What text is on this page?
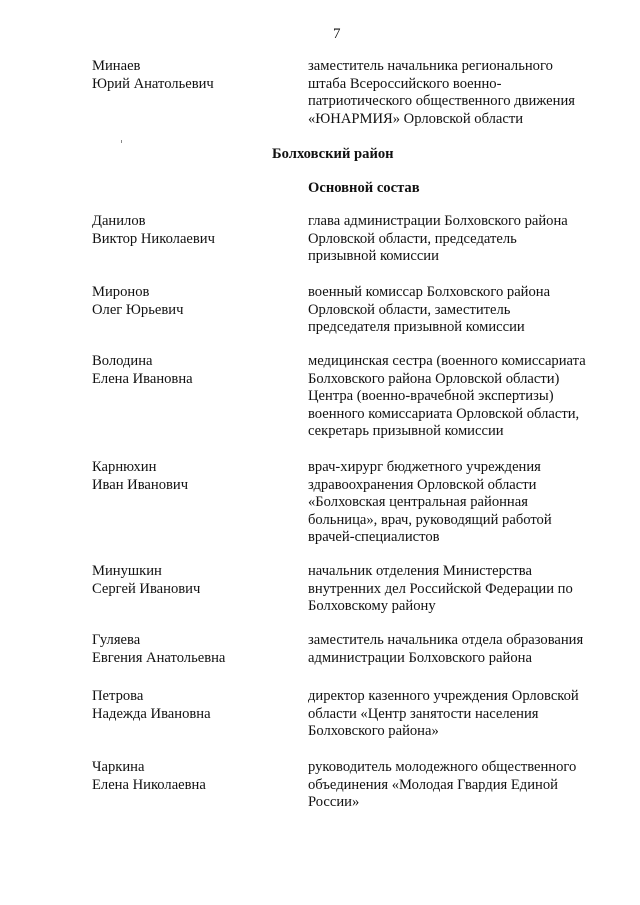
7
Минаев
Юрий Анатольевич
заместитель начальника регионального
штаба Всероссийского военно-
патриотического общественного движения
«ЮНАРМИЯ» Орловской области
Болховский район
Основной состав
Данилов
Виктор Николаевич
глава администрации Болховского района
Орловской области, председатель
призывной комиссии
Миронов
Олег Юрьевич
военный комиссар Болховского района
Орловской области, заместитель
председателя призывной комиссии
Володина
Елена Ивановна
медицинская сестра (военного комиссариата
Болховского района Орловской области)
Центра (военно-врачебной экспертизы)
военного комиссариата Орловской области,
секретарь призывной комиссии
Карнюхин
Иван Иванович
врач-хирург бюджетного учреждения
здравоохранения Орловской области
«Болховская центральная районная
больница», врач, руководящий работой
врачей-специалистов
Минушкин
Сергей Иванович
начальник отделения Министерства
внутренних дел Российской Федерации по
Болховскому району
Гуляева
Евгения Анатольевна
заместитель начальника отдела образования
администрации Болховского района
Петрова
Надежда Ивановна
директор казенного учреждения Орловской
области «Центр занятости населения
Болховского района»
Чаркина
Елена Николаевна
руководитель молодежного общественного
объединения «Молодая Гвардия Единой
России»
